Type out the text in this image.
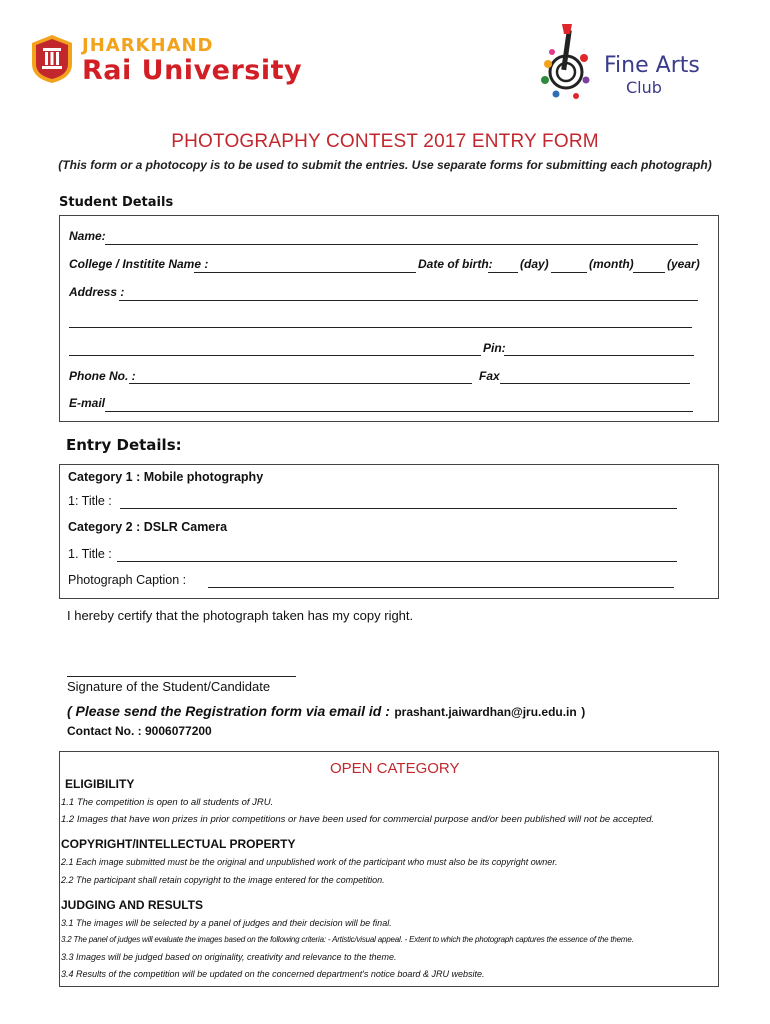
JHARKHAND
Rai University	Fine Arts
Club
PHOTOGRAPHY CONTEST 2017 ENTRY FORM
(This form or a photocopy is to be used to submit the entries. Use separate forms for submitting each photograph)
Student Details
Name:
College / Institite Name :	Date of birth: (day)	(month)	(year)
Address :
Pin:
Phone No. :	Fax
E-mail
Entry Details:
Category 1 : Mobile photography
1: Title :
Category 2 : DSLR Camera
1. Title :
Photograph Caption :
I hereby certify that the photograph taken has my copy right.
Signature of the Student/Candidate
( Please send the Registration form via email id : prashant.jaiwardhan@jru.edu.in )
Contact No. : 9006077200
OPEN CATEGORY
ELIGIBILITY
1.1 The competition is open to all students of JRU.
1.2 Images that have won prizes in prior competitions or have been used for commercial purpose and/or been published will not be accepted.
COPYRIGHT/INTELLECTUAL PROPERTY
2.1 Each image submitted must be the original and unpublished work of the participant who must also be its copyright owner.
2.2 The participant shall retain copyright to the image entered for the competition.
JUDGING AND RESULTS
3.1 The images will be selected by a panel of judges and their decision will be final.
3.2 The panel of judges will evaluate the images based on the following criteria: - Artistic/visual appeal. - Extent to which the photograph captures the essence of the theme.
3.3 Images will be judged based on originality, creativity and relevance to the theme.
3.4 Results of the competition will be updated on the concerned department's notice board & JRU website.
